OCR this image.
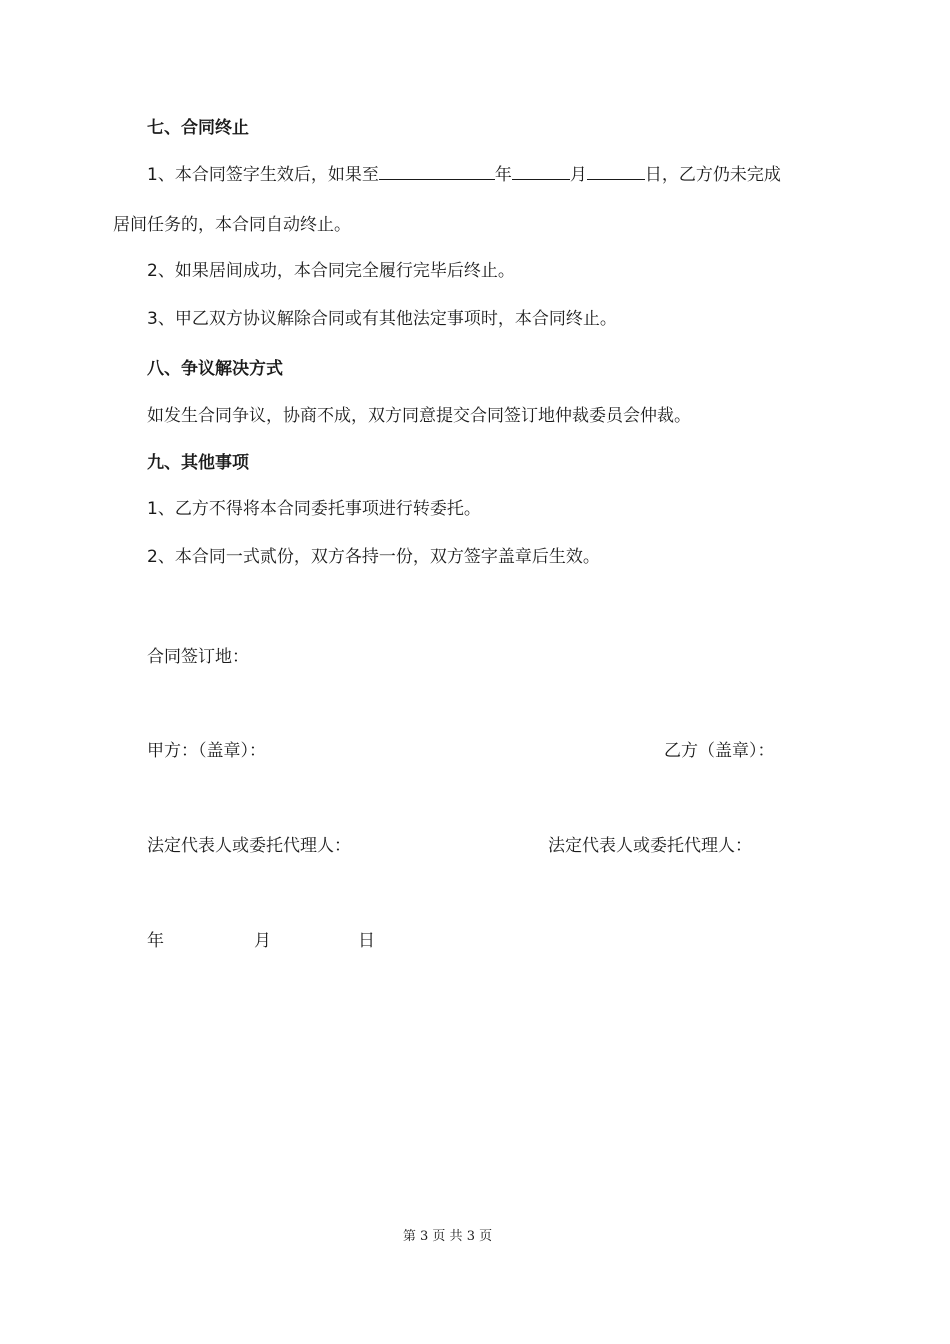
七、合同终止
1、本合同签字生效后，如果至	年	月	日，乙方仍未完成
居间任务的，本合同自动终止。
2、如果居间成功，本合同完全履行完毕后终止。
3、甲乙双方协议解除合同或有其他法定事项时，本合同终止。
八、争议解决方式
如发生合同争议，协商不成，双方同意提交合同签订地仲裁委员会仲裁。
九、其他事项
1、乙方不得将本合同委托事项进行转委托。
2、本合同一式贰份，双方各持一份，双方签字盖章后生效。
合同签订地：
甲方：（盖章）：	乙方（盖章）：
法定代表人或委托代理人：	法定代表人或委托代理人：
年	月	日
第 3 页 共 3 页
